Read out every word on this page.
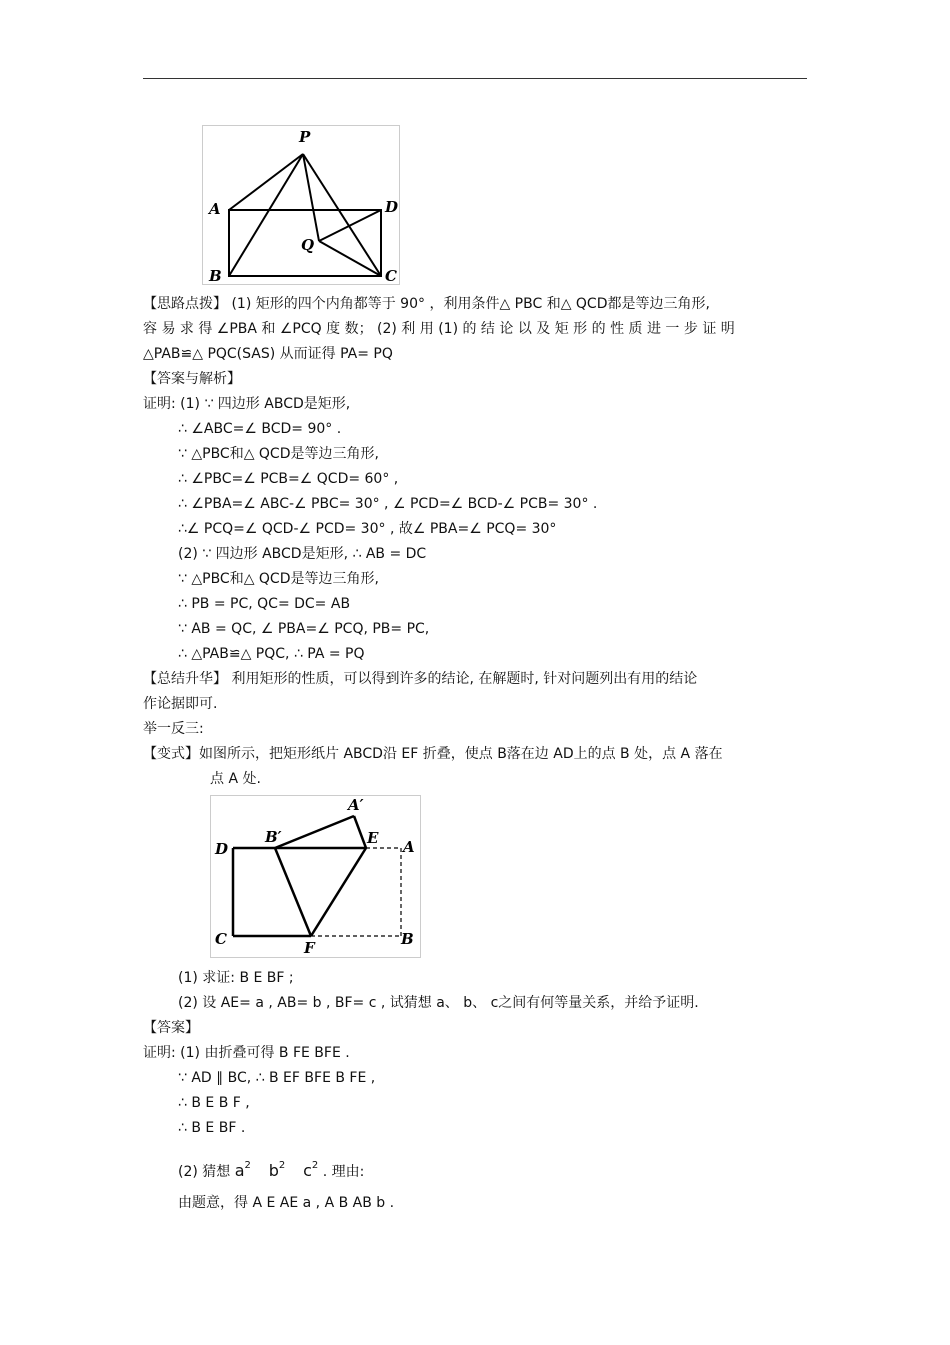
P
A	D
Q
B	C
【思路点拨】 (1) 矩形的四个内角都等于 90° ，利用条件△ PBC 和△ QCD都是等边三角形,
容 易 求 得 ∠PBA 和 ∠PCQ 度 数； (2) 利 用 (1) 的 结 论 以 及 矩 形 的 性 质 进 一 步 证 明
△PAB≌△ PQC(SAS) 从而证得 PA= PQ
【答案与解析】
证明: (1) ∵ 四边形 ABCD是矩形,
∴ ∠ABC=∠ BCD= 90° .
∵ △PBC和△ QCD是等边三角形,
∴ ∠PBC=∠ PCB=∠ QCD= 60° ,
∴ ∠PBA=∠ ABC-∠ PBC= 30° , ∠ PCD=∠ BCD-∠ PCB= 30° .
∴∠ PCQ=∠ QCD-∠ PCD= 30° , 故∠ PBA=∠ PCQ= 30°
(2) ∵ 四边形 ABCD是矩形, ∴ AB = DC
∵ △PBC和△ QCD是等边三角形,
∴ PB = PC, QC= DC= AB
∵ AB = QC, ∠ PBA=∠ PCQ, PB= PC,
∴ △PAB≌△ PQC, ∴ PA = PQ
【总结升华】 利用矩形的性质，可以得到许多的结论, 在解题时, 针对问题列出有用的结论
作论据即可.
举一反三:
【变式】如图所示，把矩形纸片 ABCD沿 EF 折叠，使点 B落在边 AD上的点 B 处，点 A 落在
点 A 处.
A′
B′	E
D	A
C	F	B
(1) 求证: B E BF ;
(2) 设 AE= a , AB= b , BF= c , 试猜想 a、 b、 c之间有何等量关系，并给予证明.
【答案】
证明: (1) 由折叠可得 B FE BFE .
∵ AD ∥ BC, ∴ B EF BFE B FE ,
∴ B E B F ,
∴ B E BF .
(2) 猜想 $a^2$ $b^2$ $c^2$ . 理由:
由题意，得 A E AE a , A B AB b .
